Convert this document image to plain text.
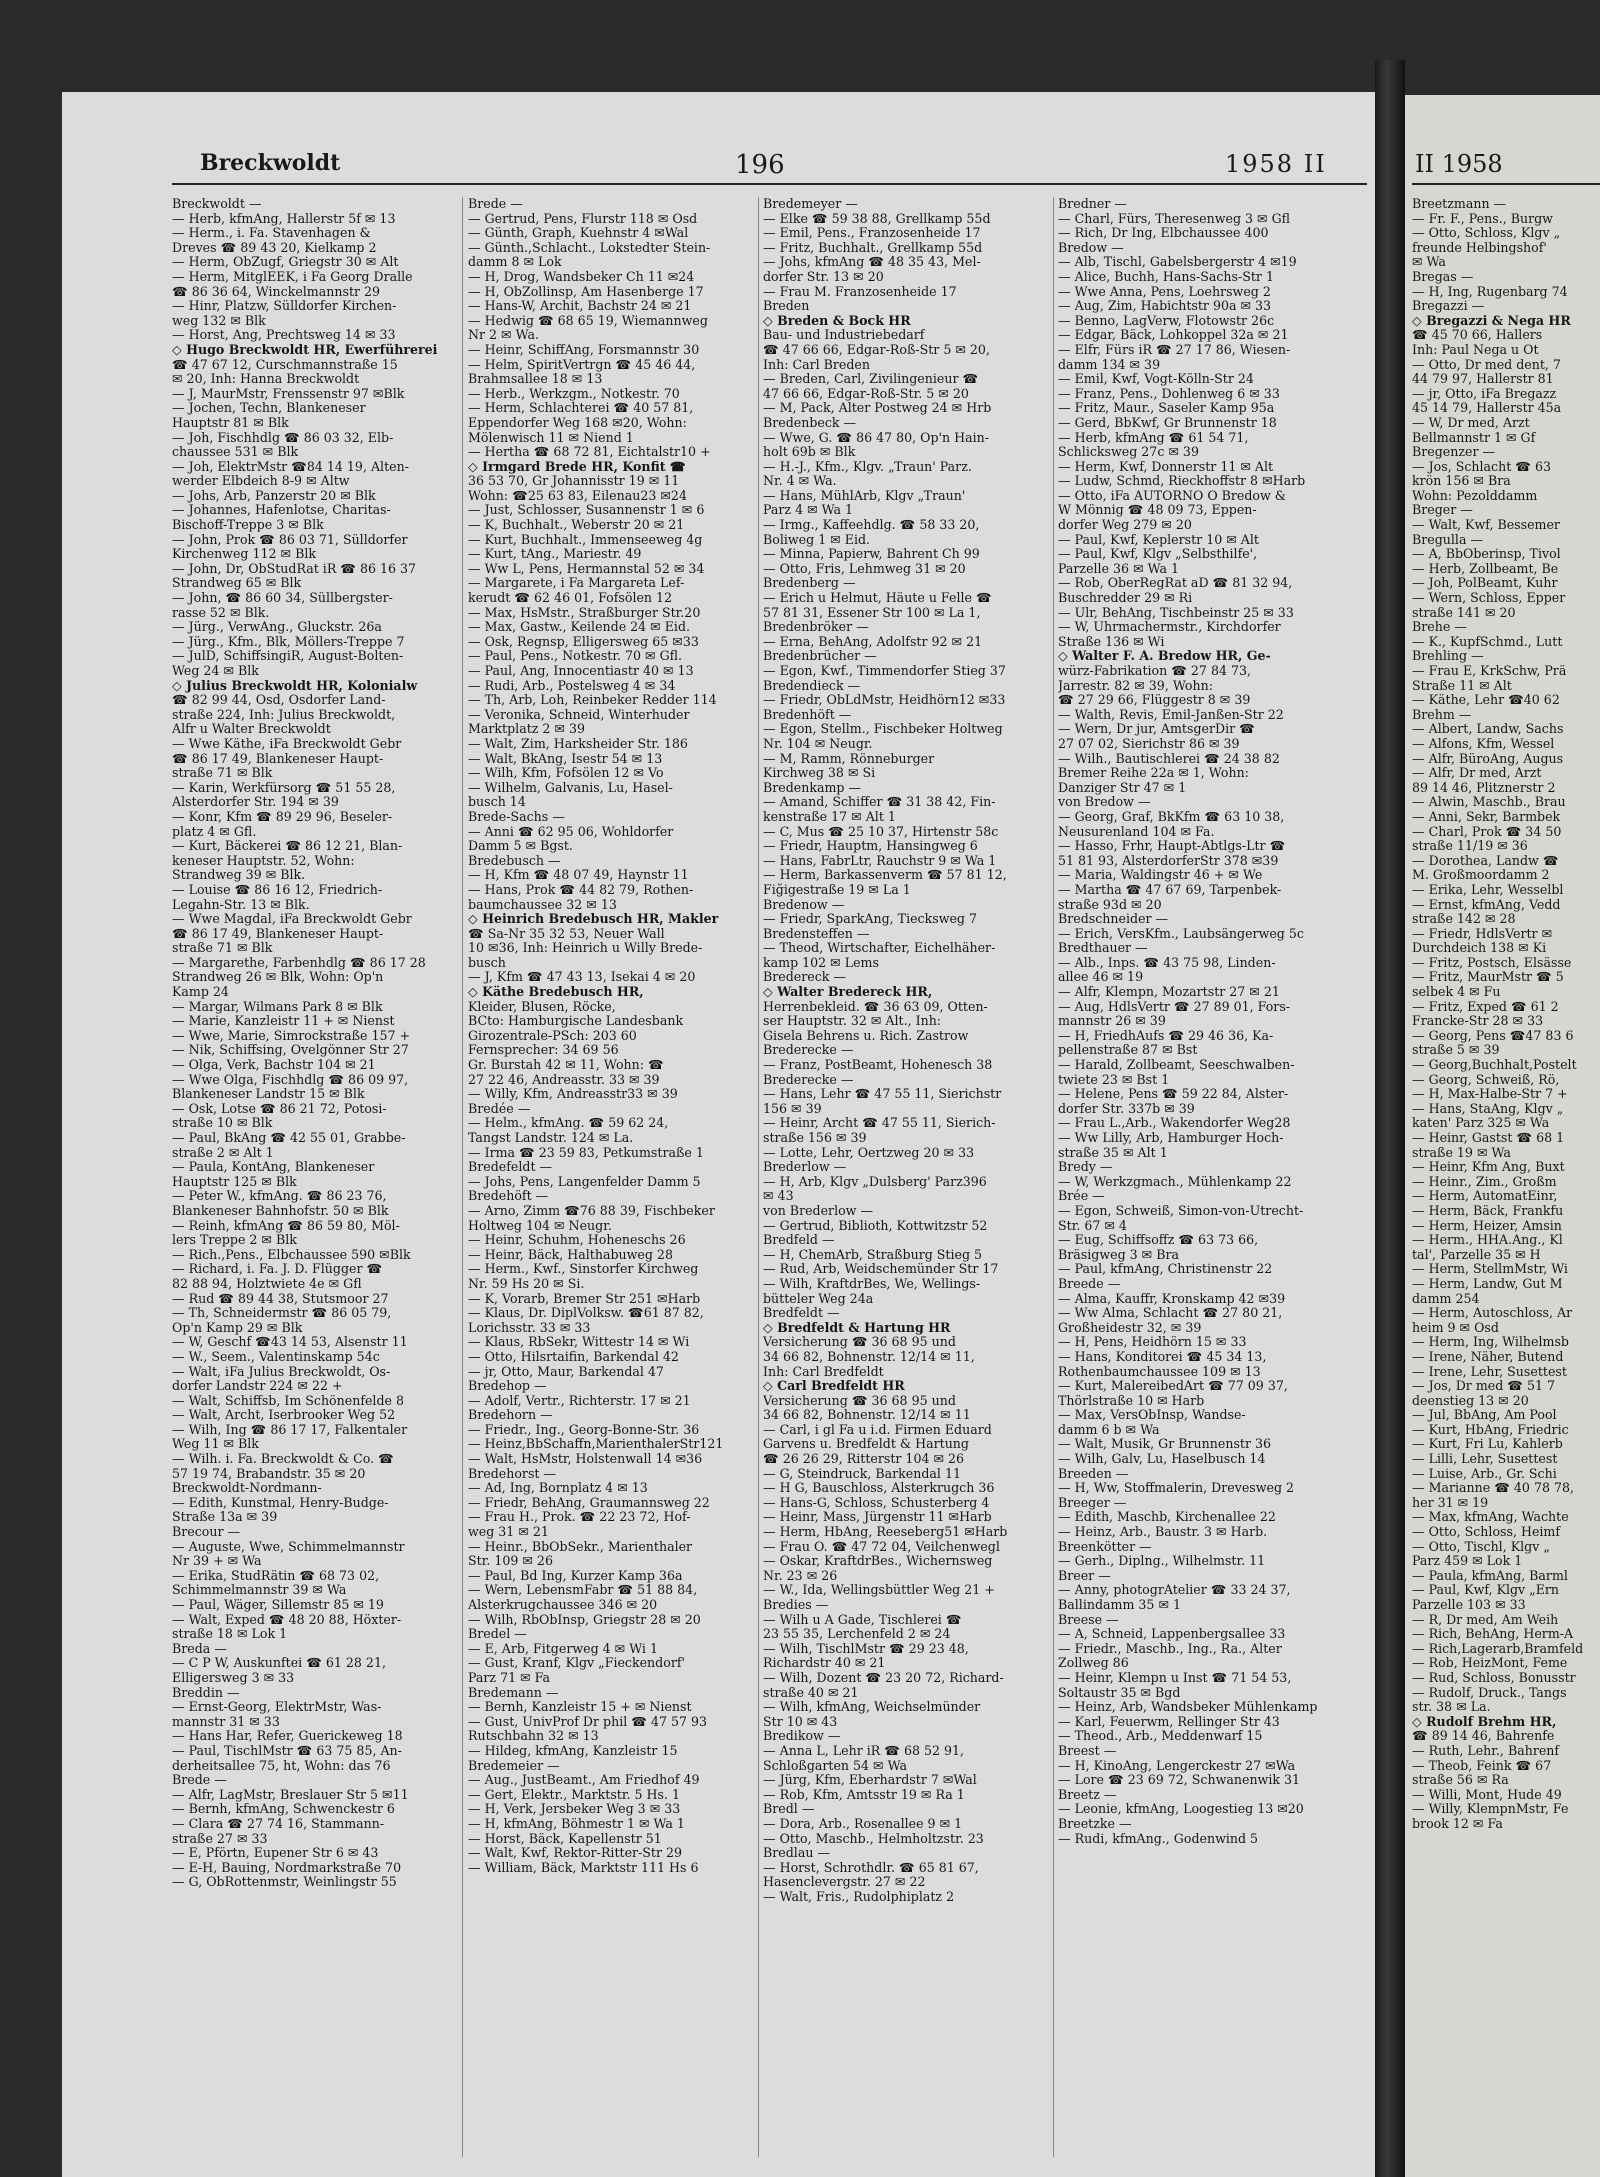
Breckwoldt	196	1958 II	II 1958
Breckwoldt —
— Herb, kfmAng, Hallerstr 5f ✉ 13
— Herm., i. Fa. Stavenhagen &
Dreves ☎ 89 43 20, Kielkamp 2
— Herm, ObZugf, Griegstr 30 ✉ Alt
— Herm, MitglEEK, i Fa Georg Dralle
☎ 86 36 64, Winckelmannstr 29
— Hinr, Platzw, Sülldorfer Kirchen-
weg 132 ✉ Blk
— Horst, Ang, Prechtsweg 14 ✉ 33
◇ Hugo Breckwoldt HR, Ewerführerei
☎ 47 67 12, Curschmannstraße 15
✉ 20, Inh: Hanna Breckwoldt
— J, MaurMstr, Frenssenstr 97 ✉Blk
— Jochen, Techn, Blankeneser
Hauptstr 81 ✉ Blk
— Joh, Fischhdlg ☎ 86 03 32, Elb-
chaussee 531 ✉ Blk
— Joh, ElektrMstr ☎84 14 19, Alten-
werder Elbdeich 8-9 ✉ Altw
— Johs, Arb, Panzerstr 20 ✉ Blk
— Johannes, Hafenlotse, Charitas-
Bischoff-Treppe 3 ✉ Blk
— John, Prok ☎ 86 03 71, Sülldorfer
Kirchenweg 112 ✉ Blk
— John, Dr, ObStudRat iR ☎ 86 16 37
Strandweg 65 ✉ Blk
— John, ☎ 86 60 34, Süllbergster-
rasse 52 ✉ Blk.
— Jürg., VerwAng., Gluckstr. 26a
— Jürg., Kfm., Blk, Möllers-Treppe 7
— JulD, SchiffsingiR, August-Bolten-
Weg 24 ✉ Blk
◇ Julius Breckwoldt HR, Kolonialw
☎ 82 99 44, Osd, Osdorfer Land-
straße 224, Inh: Julius Breckwoldt,
Alfr u Walter Breckwoldt
— Wwe Käthe, iFa Breckwoldt Gebr
☎ 86 17 49, Blankeneser Haupt-
straße 71 ✉ Blk
— Karin, Werkfürsorg ☎ 51 55 28,
Alsterdorfer Str. 194 ✉ 39
— Konr, Kfm ☎ 89 29 96, Beseler-
platz 4 ✉ Gfl.
— Kurt, Bäckerei ☎ 86 12 21, Blan-
keneser Hauptstr. 52, Wohn:
Strandweg 39 ✉ Blk.
— Louise ☎ 86 16 12, Friedrich-
Legahn-Str. 13 ✉ Blk.
— Wwe Magdal, iFa Breckwoldt Gebr
☎ 86 17 49, Blankeneser Haupt-
straße 71 ✉ Blk
— Margarethe, Farbenhdlg ☎ 86 17 28
Strandweg 26 ✉ Blk, Wohn: Op'n
Kamp 24
— Margar, Wilmans Park 8 ✉ Blk
— Marie, Kanzleistr 11 + ✉ Nienst
— Wwe, Marie, Simrockstraße 157 +
— Nik, Schiffsing, Övelgönner Str 27
— Olga, Verk, Bachstr 104 ✉ 21
— Wwe Olga, Fischhdlg ☎ 86 09 97,
Blankeneser Landstr 15 ✉ Blk
— Osk, Lotse ☎ 86 21 72, Potosi-
straße 10 ✉ Blk
— Paul, BkAng ☎ 42 55 01, Grabbe-
straße 2 ✉ Alt 1
— Paula, KontAng, Blankeneser
Hauptstr 125 ✉ Blk
— Peter W., kfmAng. ☎ 86 23 76,
Blankeneser Bahnhofstr. 50 ✉ Blk
— Reinh, kfmAng ☎ 86 59 80, Möl-
lers Treppe 2 ✉ Blk
— Rich.,Pens., Elbchaussee 590 ✉Blk
— Richard, i. Fa. J. D. Flügger ☎
82 88 94, Holztwiete 4e ✉ Gfl
— Rud ☎ 89 44 38, Stutsmoor 27
— Th, Schneidermstr ☎ 86 05 79,
Op'n Kamp 29 ✉ Blk
— W, Geschf ☎43 14 53, Alsenstr 11
— W., Seem., Valentinskamp 54c
— Walt, iFa Julius Breckwoldt, Os-
dorfer Landstr 224 ✉ 22 +
— Walt, Schiffsb, Im Schönenfelde 8
— Walt, Archt, Iserbrooker Weg 52
— Wilh, Ing ☎ 86 17 17, Falkentaler
Weg 11 ✉ Blk
— Wilh. i. Fa. Breckwoldt & Co. ☎
57 19 74, Brabandstr. 35 ✉ 20
Breckwoldt-Nordmann-
— Edith, Kunstmal, Henry-Budge-
Straße 13a ✉ 39
Brecour —
— Auguste, Wwe, Schimmelmannstr
Nr 39 + ✉ Wa
— Erika, StudRätin ☎ 68 73 02,
Schimmelmannstr 39 ✉ Wa
— Paul, Wäger, Sillemstr 85 ✉ 19
— Walt, Exped ☎ 48 20 88, Höxter-
straße 18 ✉ Lok 1
Breda —
— C P W, Auskunftei ☎ 61 28 21,
Elligersweg 3 ✉ 33
Breddin —
— Ernst-Georg, ElektrMstr, Was-
mannstr 31 ✉ 33
— Hans Har, Refer, Guerickeweg 18
— Paul, TischlMstr ☎ 63 75 85, An-
derheitsallee 75, ht, Wohn: das 76
Brede —
— Alfr, LagMstr, Breslauer Str 5 ✉11
— Bernh, kfmAng, Schwenckestr 6
— Clara ☎ 27 74 16, Stammann-
straße 27 ✉ 33
— E, Pförtn, Eupener Str 6 ✉ 43
— E-H, Bauing, Nordmarkstraße 70
— G, ObRottenmstr, Weinlingstr 55
Brede —
— Gertrud, Pens, Flurstr 118 ✉ Osd
— Günth, Graph, Kuehnstr 4 ✉Wal
— Günth.,Schlacht., Lokstedter Stein-
damm 8 ✉ Lok
— H, Drog, Wandsbeker Ch 11 ✉24
— H, ObZollinsp, Am Hasenberge 17
— Hans-W, Archit, Bachstr 24 ✉ 21
— Hedwig ☎ 68 65 19, Wiemannweg
Nr 2 ✉ Wa.
— Heinr, SchiffAng, Forsmannstr 30
— Helm, SpiritVertrgn ☎ 45 46 44,
Brahmsallee 18 ✉ 13
— Herb., Werkzgm., Notkestr. 70
— Herm, Schlachterei ☎ 40 57 81,
Eppendorfer Weg 168 ✉20, Wohn:
Mölenwisch 11 ✉ Niend 1
— Hertha ☎ 68 72 81, Eichtalstr10 +
◇ Irmgard Brede HR, Konfit ☎
36 53 70, Gr Johannisstr 19 ✉ 11
Wohn: ☎25 63 83, Eilenau23 ✉24
— Just, Schlosser, Susannenstr 1 ✉ 6
— K, Buchhalt., Weberstr 20 ✉ 21
— Kurt, Buchhalt., Immenseeweg 4g
— Kurt, tAng., Mariestr. 49
— Ww L, Pens, Hermannstal 52 ✉ 34
— Margarete, i Fa Margareta Lef-
kerudt ☎ 62 46 01, Fofsölen 12
— Max, HsMstr., Straßburger Str.20
— Max, Gastw., Keilende 24 ✉ Eid.
— Osk, Regnsp, Elligersweg 65 ✉33
— Paul, Pens., Notkestr. 70 ✉ Gfl.
— Paul, Ang, Innocentiastr 40 ✉ 13
— Rudi, Arb., Postelsweg 4 ✉ 34
— Th, Arb, Loh, Reinbeker Redder 114
— Veronika, Schneid, Winterhuder
Marktplatz 2 ✉ 39
— Walt, Zim, Harksheider Str. 186
— Walt, BkAng, Isestr 54 ✉ 13
— Wilh, Kfm, Fofsölen 12 ✉ Vo
— Wilhelm, Galvanis, Lu, Hasel-
busch 14
Brede-Sachs —
— Anni ☎ 62 95 06, Wohldorfer
Damm 5 ✉ Bgst.
Bredebusch —
— H, Kfm ☎ 48 07 49, Haynstr 11
— Hans, Prok ☎ 44 82 79, Rothen-
baumchaussee 32 ✉ 13
◇ Heinrich Bredebusch HR, Makler
☎ Sa-Nr 35 32 53, Neuer Wall
10 ✉36, Inh: Heinrich u Willy Brede-
busch
— J, Kfm ☎ 47 43 13, Isekai 4 ✉ 20
◇ Käthe Bredebusch HR,
Kleider, Blusen, Röcke,
BCto: Hamburgische Landesbank
Girozentrale-PSch: 203 60
Fernsprecher: 34 69 56
Gr. Burstah 42 ✉ 11, Wohn: ☎
27 22 46, Andreasstr. 33 ✉ 39
— Willy, Kfm, Andreasstr33 ✉ 39
Bredée —
— Helm., kfmAng. ☎ 59 62 24,
Tangst Landstr. 124 ✉ La.
— Irma ☎ 23 59 83, Petkumstraße 1
Bredefeldt —
— Johs, Pens, Langenfelder Damm 5
Bredehöft —
— Arno, Zimm ☎76 88 39, Fischbeker
Holtweg 104 ✉ Neugr.
— Heinr, Schuhm, Hoheneschs 26
— Heinr, Bäck, Halthabuweg 28
— Herm., Kwf., Sinstorfer Kirchweg
Nr. 59 Hs 20 ✉ Si.
— K, Vorarb, Bremer Str 251 ✉Harb
— Klaus, Dr. DiplVolksw. ☎61 87 82,
Lorichsstr. 33 ✉ 33
— Klaus, RbSekr, Wittestr 14 ✉ Wi
— Otto, Hilsrtaifin, Barkendal 42
— jr, Otto, Maur, Barkendal 47
Bredehop —
— Adolf, Vertr., Richterstr. 17 ✉ 21
Bredehorn —
— Friedr., Ing., Georg-Bonne-Str. 36
— Heinz,BbSchaffn,MarienthalerStr121
— Walt, HsMstr, Holstenwall 14 ✉36
Bredehorst —
— Ad, Ing, Bornplatz 4 ✉ 13
— Friedr, BehAng, Graumannsweg 22
— Frau H., Prok. ☎ 22 23 72, Hof-
weg 31 ✉ 21
— Heinr., BbObSekr., Marienthaler
Str. 109 ✉ 26
— Paul, Bd Ing, Kurzer Kamp 36a
— Wern, LebensmFabr ☎ 51 88 84,
Alsterkrugchaussee 346 ✉ 20
— Wilh, RbObInsp, Griegstr 28 ✉ 20
Bredel —
— E, Arb, Fitgerweg 4 ✉ Wi 1
— Gust, Kranf, Klgv „Fieckendorf'
Parz 71 ✉ Fa
Bredemann —
— Bernh, Kanzleistr 15 + ✉ Nienst
— Gust, UnivProf Dr phil ☎ 47 57 93
Rutschbahn 32 ✉ 13
— Hildeg, kfmAng, Kanzleistr 15
Bredemeier —
— Aug., JustBeamt., Am Friedhof 49
— Gert, Elektr., Marktstr. 5 Hs. 1
— H, Verk, Jersbeker Weg 3 ✉ 33
— H, kfmAng, Böhmestr 1 ✉ Wa 1
— Horst, Bäck, Kapellenstr 51
— Walt, Kwf, Rektor-Ritter-Str 29
— William, Bäck, Marktstr 111 Hs 6
Bredemeyer —
— Elke ☎ 59 38 88, Grellkamp 55d
— Emil, Pens., Franzosenheide 17
— Fritz, Buchhalt., Grellkamp 55d
— Johs, kfmAng ☎ 48 35 43, Mel-
dorfer Str. 13 ✉ 20
— Frau M. Franzosenheide 17
Breden
◇ Breden & Bock HR
Bau- und Industriebedarf
☎ 47 66 66, Edgar-Roß-Str 5 ✉ 20,
Inh: Carl Breden
— Breden, Carl, Zivilingenieur ☎
47 66 66, Edgar-Roß-Str. 5 ✉ 20
— M, Pack, Alter Postweg 24 ✉ Hrb
Bredenbeck —
— Wwe, G. ☎ 86 47 80, Op'n Hain-
holt 69b ✉ Blk
— H.-J., Kfm., Klgv. „Traun' Parz.
Nr. 4 ✉ Wa.
— Hans, MühlArb, Klgv „Traun'
Parz 4 ✉ Wa 1
— Irmg., Kaffeehdlg. ☎ 58 33 20,
Boliweg 1 ✉ Eid.
— Minna, Papierw, Bahrent Ch 99
— Otto, Fris, Lehmweg 31 ✉ 20
Bredenberg —
— Erich u Helmut, Häute u Felle ☎
57 81 31, Essener Str 100 ✉ La 1,
Bredenbröker —
— Erna, BehAng, Adolfstr 92 ✉ 21
Bredenbrücher —
— Egon, Kwf., Timmendorfer Stieg 37
Bredendieck —
— Friedr, ObLdMstr, Heidhörn12 ✉33
Bredenhöft —
— Egon, Stellm., Fischbeker Holtweg
Nr. 104 ✉ Neugr.
— M, Ramm, Rönneburger
Kirchweg 38 ✉ Si
Bredenkamp —
— Amand, Schiffer ☎ 31 38 42, Fin-
kenstraße 17 ✉ Alt 1
— C, Mus ☎ 25 10 37, Hirtenstr 58c
— Friedr, Hauptm, Hansingweg 6
— Hans, FabrLtr, Rauchstr 9 ✉ Wa 1
— Herm, Barkassenverm ☎ 57 81 12,
Fiğigestraße 19 ✉ La 1
Bredenow —
— Friedr, SparkAng, Tiecksweg 7
Bredensteffen —
— Theod, Wirtschafter, Eichelhäher-
kamp 102 ✉ Lems
Bredereck —
◇ Walter Bredereck HR,
Herrenbekleid. ☎ 36 63 09, Otten-
ser Hauptstr. 32 ✉ Alt., Inh:
Gisela Behrens u. Rich. Zastrow
Brederecke —
— Franz, PostBeamt, Hohenesch 38
Brederecke —
— Hans, Lehr ☎ 47 55 11, Sierichstr
156 ✉ 39
— Heinr, Archt ☎ 47 55 11, Sierich-
straße 156 ✉ 39
— Lotte, Lehr, Oertzweg 20 ✉ 33
Brederlow —
— H, Arb, Klgv „Dulsberg' Parz396
✉ 43
von Brederlow —
— Gertrud, Biblioth, Kottwitzstr 52
Bredfeld —
— H, ChemArb, Straßburg Stieg 5
— Rud, Arb, Weidschemünder Str 17
— Wilh, KraftdrBes, We, Wellings-
bütteler Weg 24a
Bredfeldt —
◇ Bredfeldt & Hartung HR
Versicherung ☎ 36 68 95 und
34 66 82, Bohnenstr. 12/14 ✉ 11,
Inh: Carl Bredfeldt
◇ Carl Bredfeldt HR
Versicherung ☎ 36 68 95 und
34 66 82, Bohnenstr. 12/14 ✉ 11
— Carl, i gl Fa u i.d. Firmen Eduard
Garvens u. Bredfeldt & Hartung
☎ 26 26 29, Ritterstr 104 ✉ 26
— G, Steindruck, Barkendal 11
— H G, Bauschloss, Alsterkrugch 36
— Hans-G, Schloss, Schusterberg 4
— Heinr, Mass, Jürgenstr 11 ✉Harb
— Herm, HbAng, Reeseberg51 ✉Harb
— Frau O. ☎ 47 72 04, Veilchenwegl
— Oskar, KraftdrBes., Wichernsweg
Nr. 23 ✉ 26
— W., Ida, Wellingsbüttler Weg 21 +
Bredies —
— Wilh u A Gade, Tischlerei ☎
23 55 35, Lerchenfeld 2 ✉ 24
— Wilh, TischlMstr ☎ 29 23 48,
Richardstr 40 ✉ 21
— Wilh, Dozent ☎ 23 20 72, Richard-
straße 40 ✉ 21
— Wilh, kfmAng, Weichselmünder
Str 10 ✉ 43
Bredikow —
— Anna L, Lehr iR ☎ 68 52 91,
Schloßgarten 54 ✉ Wa
— Jürg, Kfm, Eberhardstr 7 ✉Wal
— Rob, Kfm, Amtsstr 19 ✉ Ra 1
Bredl —
— Dora, Arb., Rosenallee 9 ✉ 1
— Otto, Maschb., Helmholtzstr. 23
Bredlau —
— Horst, Schrothdlr. ☎ 65 81 67,
Hasenclevergstr. 27 ✉ 22
— Walt, Fris., Rudolphiplatz 2
Bredner —
— Charl, Fürs, Theresenweg 3 ✉ Gfl
— Rich, Dr Ing, Elbchaussee 400
Bredow —
— Alb, Tischl, Gabelsbergerstr 4 ✉19
— Alice, Buchh, Hans-Sachs-Str 1
— Wwe Anna, Pens, Loehrsweg 2
— Aug, Zim, Habichtstr 90a ✉ 33
— Benno, LagVerw, Flotowstr 26c
— Edgar, Bäck, Lohkoppel 32a ✉ 21
— Elfr, Fürs iR ☎ 27 17 86, Wiesen-
damm 134 ✉ 39
— Emil, Kwf, Vogt-Kölln-Str 24
— Franz, Pens., Dohlenweg 6 ✉ 33
— Fritz, Maur., Saseler Kamp 95a
— Gerd, BbKwf, Gr Brunnenstr 18
— Herb, kfmAng ☎ 61 54 71,
Schlicksweg 27c ✉ 39
— Herm, Kwf, Donnerstr 11 ✉ Alt
— Ludw, Schmd, Rieckhoffstr 8 ✉Harb
— Otto, iFa AUTORNO O Bredow &
W Mönnig ☎ 48 09 73, Eppen-
dorfer Weg 279 ✉ 20
— Paul, Kwf, Keplerstr 10 ✉ Alt
— Paul, Kwf, Klgv „Selbsthilfe',
Parzelle 36 ✉ Wa 1
— Rob, OberRegRat aD ☎ 81 32 94,
Buschredder 29 ✉ Ri
— Ulr, BehAng, Tischbeinstr 25 ✉ 33
— W, Uhrmachermstr., Kirchdorfer
Straße 136 ✉ Wi
◇ Walter F. A. Bredow HR, Ge-
würz-Fabrikation ☎ 27 84 73,
Jarrestr. 82 ✉ 39, Wohn:
☎ 27 29 66, Flüggestr 8 ✉ 39
— Walth, Revis, Emil-Janßen-Str 22
— Wern, Dr jur, AmtsgerDir ☎
27 07 02, Sierichstr 86 ✉ 39
— Wilh., Bautischlerei ☎ 24 38 82
Bremer Reihe 22a ✉ 1, Wohn:
Danziger Str 47 ✉ 1
von Bredow —
— Georg, Graf, BkKfm ☎ 63 10 38,
Neusurenland 104 ✉ Fa.
— Hasso, Frhr, Haupt-Abtlgs-Ltr ☎
51 81 93, AlsterdorferStr 378 ✉39
— Maria, Waldingstr 46 + ✉ We
— Martha ☎ 47 67 69, Tarpenbek-
straße 93d ✉ 20
Bredschneider —
— Erich, VersKfm., Laubsängerweg 5c
Bredthauer —
— Alb., Inps. ☎ 43 75 98, Linden-
allee 46 ✉ 19
— Alfr, Klempn, Mozartstr 27 ✉ 21
— Aug, HdlsVertr ☎ 27 89 01, Fors-
mannstr 26 ✉ 39
— H, FriedhAufs ☎ 29 46 36, Ka-
pellenstraße 87 ✉ Bst
— Harald, Zollbeamt, Seeschwalben-
twiete 23 ✉ Bst 1
— Helene, Pens ☎ 59 22 84, Alster-
dorfer Str. 337b ✉ 39
— Frau L.,Arb., Wakendorfer Weg28
— Ww Lilly, Arb, Hamburger Hoch-
straße 35 ✉ Alt 1
Bredy —
— W, Werkzgmach., Mühlenkamp 22
Brée —
— Egon, Schweiß, Simon-von-Utrecht-
Str. 67 ✉ 4
— Eug, Schiffsoffz ☎ 63 73 66,
Bräsigweg 3 ✉ Bra
— Paul, kfmAng, Christinenstr 22
Breede —
— Alma, Kauffr, Kronskamp 42 ✉39
— Ww Alma, Schlacht ☎ 27 80 21,
Großheidestr 32, ✉ 39
— H, Pens, Heidhörn 15 ✉ 33
— Hans, Konditorei ☎ 45 34 13,
Rothenbaumchaussee 109 ✉ 13
— Kurt, MalereibedArt ☎ 77 09 37,
Thörlstraße 10 ✉ Harb
— Max, VersObInsp, Wandse-
damm 6 b ✉ Wa
— Walt, Musik, Gr Brunnenstr 36
— Wilh, Galv, Lu, Haselbusch 14
Breeden —
— H, Ww, Stoffmalerin, Drevesweg 2
Breeger —
— Edith, Maschb, Kirchenallee 22
— Heinz, Arb., Baustr. 3 ✉ Harb.
Breenkötter —
— Gerh., Diplng., Wilhelmstr. 11
Breer —
— Anny, photogrAtelier ☎ 33 24 37,
Ballindamm 35 ✉ 1
Breese —
— A, Schneid, Lappenbergsallee 33
— Friedr., Maschb., Ing., Ra., Alter
Zollweg 86
— Heinr, Klempn u Inst ☎ 71 54 53,
Soltaustr 35 ✉ Bgd
— Heinz, Arb, Wandsbeker Mühlenkamp
— Karl, Feuerwm, Rellinger Str 43
— Theod., Arb., Meddenwarf 15
Breest —
— H, KinoAng, Lengerckestr 27 ✉Wa
— Lore ☎ 23 69 72, Schwanenwik 31
Breetz —
— Leonie, kfmAng, Loogestieg 13 ✉20
Breetzke —
— Rudi, kfmAng., Godenwind 5
Breetzmann —
— Fr. F., Pens., Burgw
— Otto, Schloss, Klgv „
freunde Helbingshof'
✉ Wa
Bregas —
— H, Ing, Rugenbarg 74
Bregazzi —
◇ Bregazzi & Nega HR
☎ 45 70 66, Hallers
Inh: Paul Nega u Ot
— Otto, Dr med dent, 7
44 79 97, Hallerstr 81
— jr, Otto, iFa Bregazz
45 14 79, Hallerstr 45a
— W, Dr med, Arzt
Bellmannstr 1 ✉ Gf
Bregenzer —
— Jos, Schlacht ☎ 63
krön 156 ✉ Bra
Wohn: Pezolddamm
Breger —
— Walt, Kwf, Bessemer
Bregulla —
— A, BbOberinsp, Tivol
— Herb, Zollbeamt, Be
— Joh, PolBeamt, Kuhr
— Wern, Schloss, Epper
straße 141 ✉ 20
Brehe —
— K., KupfSchmd., Lutt
Brehling —
— Frau E, KrkSchw, Prä
Straße 11 ✉ Alt
— Käthe, Lehr ☎40 62
Brehm —
— Albert, Landw, Sachs
— Alfons, Kfm, Wessel
— Alfr, BüroAng, Augus
— Alfr, Dr med, Arzt
89 14 46, Plitznerstr 2
— Alwin, Maschb., Brau
— Anni, Sekr, Barmbek
— Charl, Prok ☎ 34 50
straße 11/19 ✉ 36
— Dorothea, Landw ☎
M. Großmoordamm 2
— Erika, Lehr, Wesselbl
— Ernst, kfmAng, Vedd
straße 142 ✉ 28
— Friedr, HdlsVertr ✉
Durchdeich 138 ✉ Ki
— Fritz, Postsch, Elsässe
— Fritz, MaurMstr ☎ 5
selbek 4 ✉ Fu
— Fritz, Exped ☎ 61 2
Francke-Str 28 ✉ 33
— Georg, Pens ☎47 83 6
straße 5 ✉ 39
— Georg,Buchhalt,Postelt
— Georg, Schweiß, Rö,
— H, Max-Halbe-Str 7 +
— Hans, StaAng, Klgv „
katen' Parz 325 ✉ Wa
— Heinr, Gastst ☎ 68 1
straße 19 ✉ Wa
— Heinr, Kfm Ang, Buxt
— Heinr., Zim., Großm
— Herm, AutomatEinr,
— Herm, Bäck, Frankfu
— Herm, Heizer, Amsin
— Herm., HHA.Ang., Kl
tal', Parzelle 35 ✉ H
— Herm, StellmMstr, Wi
— Herm, Landw, Gut M
damm 254
— Herm, Autoschloss, Ar
heim 9 ✉ Osd
— Herm, Ing, Wilhelmsb
— Irene, Näher, Butend
— Irene, Lehr, Susettest
— Jos, Dr med ☎ 51 7
deenstieg 13 ✉ 20
— Jul, BbAng, Am Pool
— Kurt, HbAng, Friedric
— Kurt, Fri Lu, Kahlerb
— Lilli, Lehr, Susettest
— Luise, Arb., Gr. Schi
— Marianne ☎ 40 78 78,
her 31 ✉ 19
— Max, kfmAng, Wachte
— Otto, Schloss, Heimf
— Otto, Tischl, Klgv „
Parz 459 ✉ Lok 1
— Paula, kfmAng, Barml
— Paul, Kwf, Klgv „Ern
Parzelle 103 ✉ 33
— R, Dr med, Am Weih
— Rich, BehAng, Herm-A
— Rich,Lagerarb,Bramfeld
— Rob, HeizMont, Feme
— Rud, Schloss, Bonusstr
— Rudolf, Druck., Tangs
str. 38 ✉ La.
◇ Rudolf Brehm HR,
☎ 89 14 46, Bahrenfe
— Ruth, Lehr., Bahrenf
— Theob, Feink ☎ 67
straße 56 ✉ Ra
— Willi, Mont, Hude 49
— Willy, KlempnMstr, Fe
brook 12 ✉ Fa
